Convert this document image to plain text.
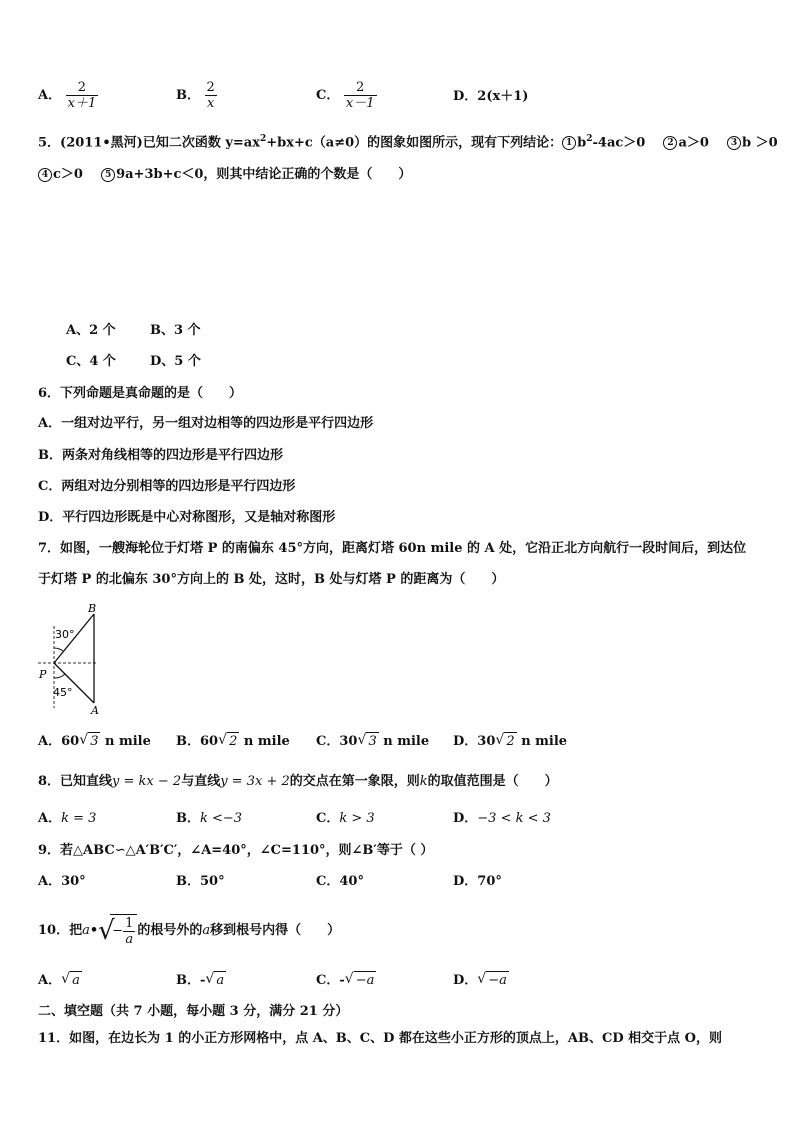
A． $\frac{2}{x+1}$	B． $\frac{2}{x}$	C． $\frac{2}{x-1}$	D．2(x＋1)
5．(2011•黑河)已知二次函数 $y=ax^2+bx+c(a\ne 0)$的图象如图所示，现有下列结论： 1 $b^2-4ac>0$ 2 a＞0 3 b ＞0
4 c＞0 5 9a+3b+c＜0，则其中结论正确的个数是（　　）
A、2 个	B、3 个
C、4 个	D、5 个
6．下列命题是真命题的是（　　）
A．一组对边平行，另一组对边相等的四边形是平行四边形
B．两条对角线相等的四边形是平行四边形
C．两组对边分别相等的四边形是平行四边形
D．平行四边形既是中心对称图形，又是轴对称图形
7．如图，一艘海轮位于灯塔 P 的南偏东 45°方向，距离灯塔 60n mile 的 A 处，它沿正北方向航行一段时间后，到达位
于灯塔 P 的北偏东 30°方向上的 B 处，这时，B 处与灯塔 P 的距离为（　　）
B
P
A
30°
45°
A．60 √ 3 n mile B．60 √ 2 n mile C．30 √ 3 n mile D．30 √ 2 n mile
8．已知直线y = kx − 2与直线y = 3x + 2的交点在第一象限，则k的取值范围是（　　）
A．k = 3	B．k <−3	C．k > 3	D．−3 < k < 3
9．若△ABC∽△A′B′C′，∠A=40°，∠C=110°，则∠B′等于（ ）
A．30°	B．50°	C．40°	D．70°
10．把a• √
− $\frac{1}{a}$ 的根号外的a移到根号内得（　　）
A． √ a	B．- √ a	C．- √ −a	D． √ −a
二、填空题（共 7 小题，每小题 3 分，满分 21 分）
11．如图，在边长为 1 的小正方形网格中，点 A、B、C、D 都在这些小正方形的顶点上，AB、CD 相交于点 O，则
